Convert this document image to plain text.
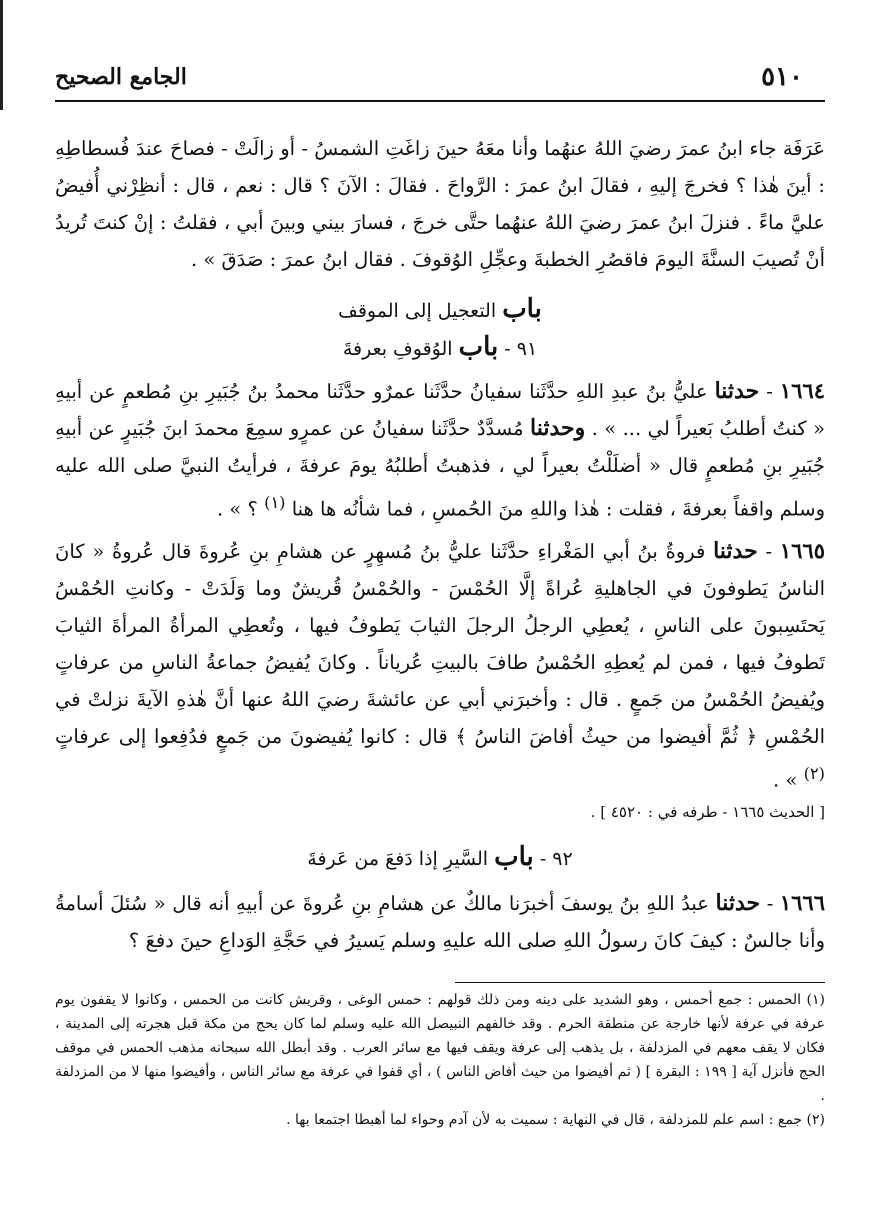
٥١٠
الجامع الصحيح

عَرَفَة جاء ابنُ عمرَ رضيَ اللهُ عنهُما وأنا معَهُ حينَ زاغَتِ الشمسُ - أو زالَتْ - فصاحَ عندَ فُسطاطِهِ : أينَ هٰذا ؟ فخرجَ إليهِ ، فقالَ ابنُ عمرَ : الرَّواحَ . فقالَ : الآنَ ؟ قال : نعم ، قال : أنظِرْني أُفيضُ عليَّ ماءً . فنزلَ ابنُ عمرَ رضيَ اللهُ عنهُما حتَّى خرجَ ، فسارَ بيني وبينَ أبي ، فقلتُ : إنْ كنتَ تُريدُ أنْ تُصيبَ السنَّةَ اليومَ فاقصُرِ الخطبةَ وعجِّلِ الوُقوفَ . فقال ابنُ عمرَ : صَدَقَ » .

باب التعجيل إلى الموقف

٩١ - باب الوُقوفِ بعرفةَ

١٦٦٤ - حدثنا عليُّ بنُ عبدِ اللهِ حدَّثَنا سفيانُ حدَّثَنا عمرٌو حدَّثَنا محمدُ بنُ جُبَيرِ بنِ مُطعمٍ عن أبيهِ « كنتُ أطلبُ بَعيراً لي ... » . وحدثنا مُسدَّدٌ حدَّثَنا سفيانُ عن عمرٍو سمِعَ محمدَ ابنَ جُبَيرٍ عن أبيهِ جُبَيرِ بنِ مُطعمٍ قال « أضلَلْتُ بعيراً لي ، فذهبتُ أطلبُهُ يومَ عرفةَ ، فرأيتُ النبيَّ صلى الله عليه وسلم واقفاً بعرفةَ ، فقلت : هٰذا واللهِ منَ الحُمسِ ، فما شأنُه ها هنا $^{(١)}$ ؟ » .

١٦٦٥ - حدثنا فروةُ بنُ أبي المَغْراءِ حدَّثَنا عليُّ بنُ مُسهِرٍ عن هشامِ بنِ عُروةَ قال عُروةُ « كانَ الناسُ يَطوفونَ في الجاهليةِ عُراةً إلَّا الحُمْسَ - والحُمْسُ قُريشٌ وما وَلَدَتْ - وكانتِ الحُمْسُ يَحتَسِبونَ على الناسِ ، يُعطِي الرجلُ الرجلَ الثيابَ يَطوفُ فيها ، وتُعطِي المرأةُ المرأةَ الثيابَ تَطوفُ فيها ، فمن لم يُعطِهِ الحُمْسُ طافَ بالبيتِ عُرياناً . وكانَ يُفيضُ جماعةُ الناسِ من عرفاتٍ ويُفيضُ الحُمْسُ من جَمعٍ . قال : وأخبرَني أبي عن عائشةَ رضيَ اللهُ عنها أنَّ هٰذهِ الآيةَ نزلتْ في الحُمْسِ ﴿ ثُمَّ أفيضوا من حيثُ أفاضَ الناسُ ﴾ قال : كانوا يُفيضونَ من جَمعٍ فدُفِعوا إلى عرفاتٍ $^{(٢)}$ » .

[ الحديث ١٦٦٥ - طرفه في : ٤٥٢٠ ] .

٩٢ - باب السَّيرِ إذا دَفعَ من عَرفةَ

١٦٦٦ - حدثنا عبدُ اللهِ بنُ يوسفَ أخبرَنا مالكٌ عن هشامِ بنِ عُروةَ عن أبيهِ أنه قال « سُئلَ أسامةُ وأنا جالسٌ : كيفَ كانَ رسولُ اللهِ صلى الله عليهِ وسلم يَسيرُ في حَجَّةِ الوَداعِ حينَ دفعَ ؟

(١) الحمس : جمع أحمس ، وهو الشديد على دينه ومن ذلك قولهم : حمس الوغى ، وقريش كانت من الحمس ، وكانوا لا يقفون يوم عرفة في عرفة لأنها خارجة عن منطقة الحرم . وقد خالفهم النبيصل الله عليه وسلم لما كان يحج من مكة قبل هجرته إلى المدينة ، فكان لا يقف معهم في المزدلفة ، بل يذهب إلى عرفة ويقف فيها مع سائر العرب . وقد أبطل الله سبحانه مذهب الحمس في موقف الحج فأنزل آية [ ١٩٩ : البقرة ] ( ثم أفيضوا من حيث أفاض الناس ) ، أي قفوا في عرفة مع سائر الناس ، وأفيضوا منها لا من المزدلفة .

(٢) جمع : اسم علم للمزدلفة ، قال في النهاية : سميت به لأن آدم وحواء لما أهبطا اجتمعا بها .
